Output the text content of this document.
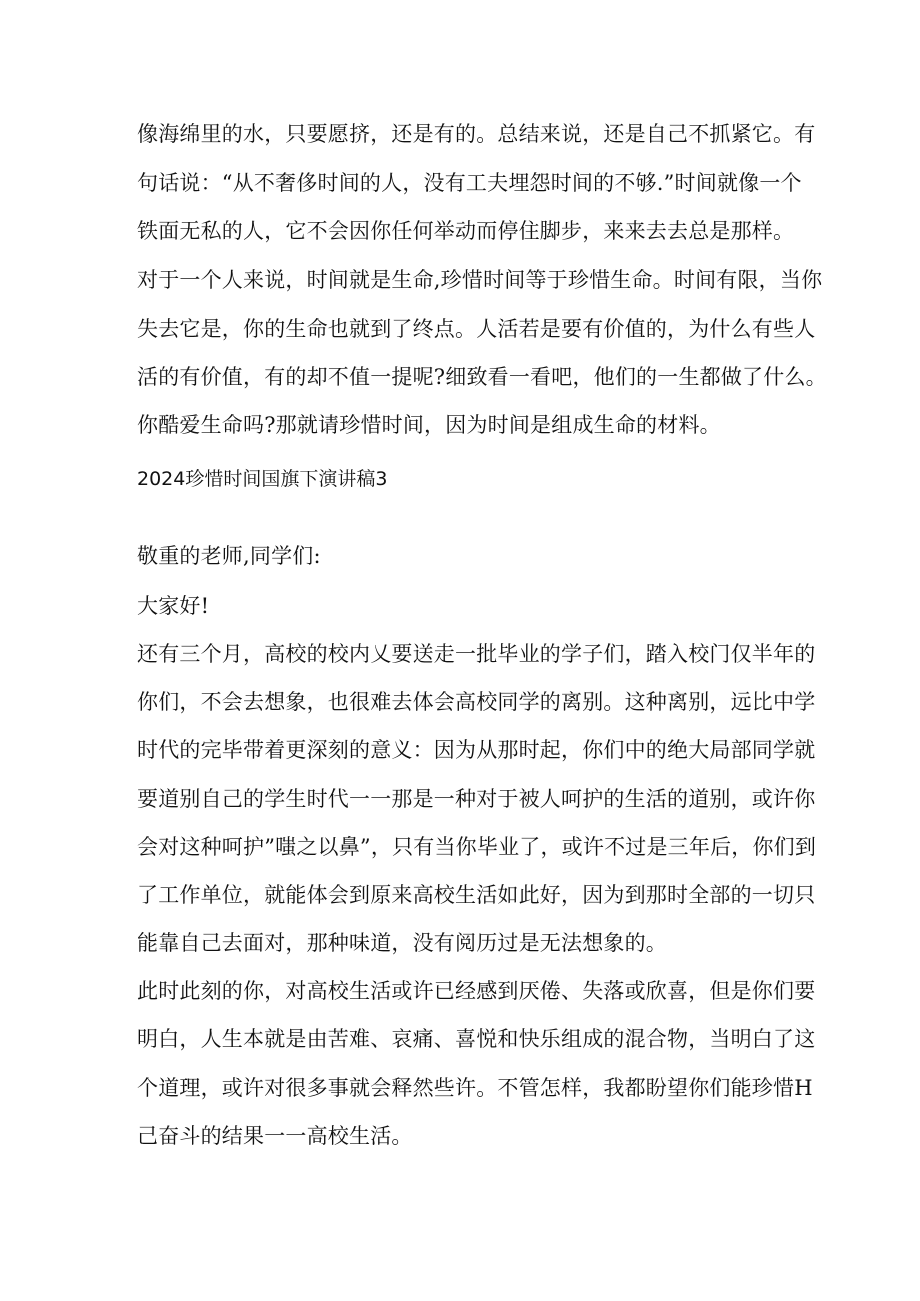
像海绵里的水，只要愿挤，还是有的。总结来说，还是自己不抓紧它。有
句话说：“从不奢侈时间的人，没有工夫埋怨时间的不够.”时间就像一个
铁面无私的人，它不会因你任何举动而停住脚步，来来去去总是那样。
对于一个人来说，时间就是生命,珍惜时间等于珍惜生命。时间有限，当你
失去它是，你的生命也就到了终点。人活若是要有价值的，为什么有些人
活的有价值，有的却不值一提呢?细致看一看吧，他们的一生都做了什么。
你酷爱生命吗?那就请珍惜时间，因为时间是组成生命的材料。
2024珍惜时间国旗下演讲稿3
敬重的老师,同学们:
大家好!
还有三个月，高校的校内乂要送走一批毕业的学子们，踏入校门仅半年的
你们，不会去想象，也很难去体会高校同学的离别。这种离别，远比中学
时代的完毕带着更深刻的意义：因为从那时起，你们中的绝大局部同学就
要道别自己的学生时代一一那是一种对于被人呵护的生活的道别，或许你
会对这种呵护”嗤之以鼻”，只有当你毕业了，或许不过是三年后，你们到
了工作单位，就能体会到原来高校生活如此好，因为到那时全部的一切只
能靠自己去面对，那种味道，没有阅历过是无法想象的。
此时此刻的你，对高校生活或许已经感到厌倦、失落或欣喜，但是你们要
明白，人生本就是由苦难、哀痛、喜悦和快乐组成的混合物，当明白了这
个道理，或许对很多事就会释然些许。不管怎样，我都盼望你们能珍惜H
己奋斗的结果一一高校生活。
